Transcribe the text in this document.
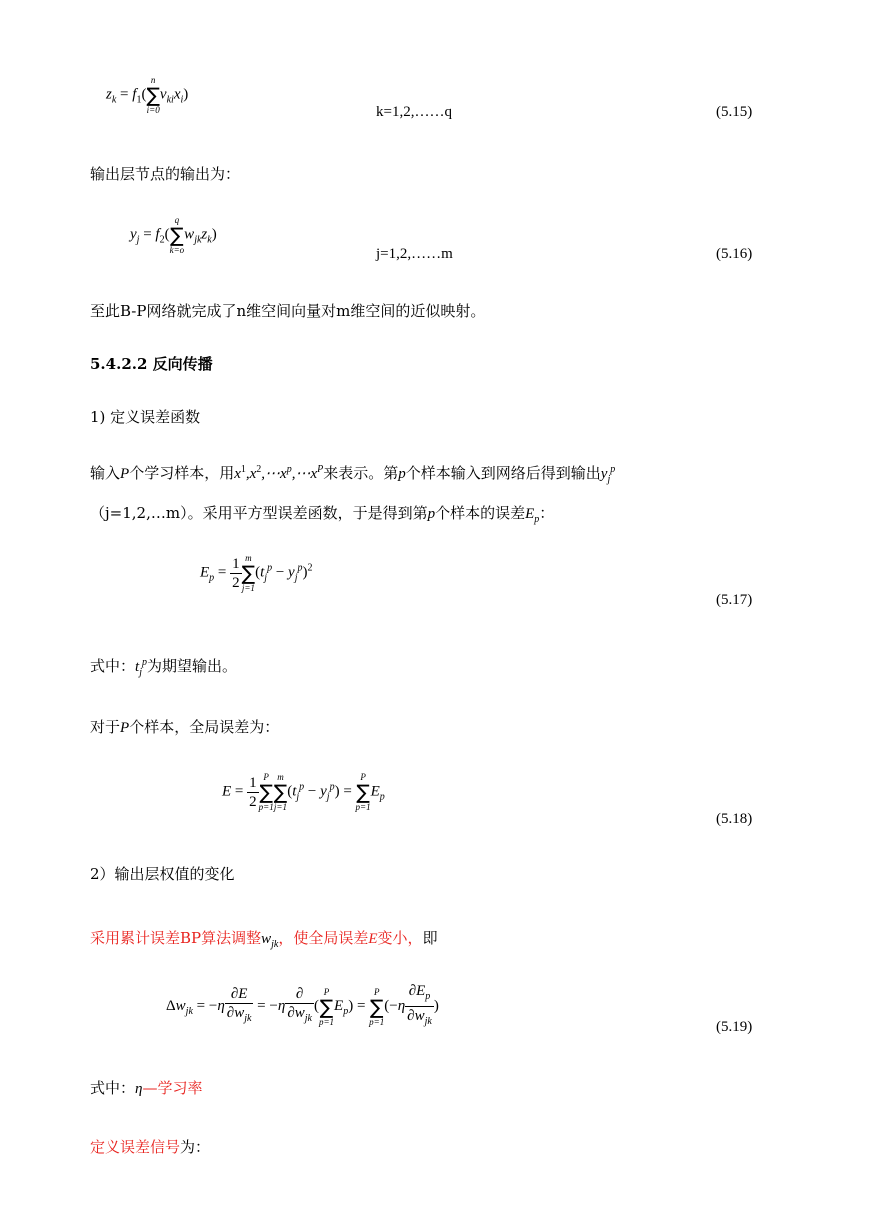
$z_k = f_1$(
n
∑
i=0
$v_{ki}x_i$)
k=1,2,……q	(5.15)
输出层节点的输出为：
$y_j = f_2$(
q
∑
k=o
$w_{jk}z_k$)
j=1,2,……m	(5.16)
至此B-P网络就完成了n维空间向量对m维空间的近似映射。
5.4.2.2 反向传播
1) 定义误差函数
输入P个学习样本，用$x^1,x^2,\cdots x^p,\cdots x^P$来表示。第p个样本输入到网络后得到输出$y_j^p$
（j=1,2,…m）。采用平方型误差函数，于是得到第p个样本的误差$E_p$：
$E_p = \frac{1}{2}$ m
∑
j=1
$(t_j^p - y_j^p)^2$
(5.17)
式中：$t_j^p$为期望输出。
对于P个样本，全局误差为：
$E = \frac{1}{2}$ P
∑
p=1
m
∑
j=1
$(t_j^p - y_j^p)$ =
P
∑
p=1
$E_p$
(5.18)
2）输出层权值的变化
采用累计误差BP算法调整$w_{jk}$，使全局误差E变小，即
$\Delta w_{jk} = -\eta \frac{\partial E}{\partial w_{jk}} = -\eta \frac{\partial}{\partial w_{jk}}$ (
P
∑
p=1
$E_p$) =
P
∑
p=1
($-\eta \frac{\partial E_p}{\partial w_{jk}}$ )
(5.19)
式中：η—学习率
定义误差信号为：
